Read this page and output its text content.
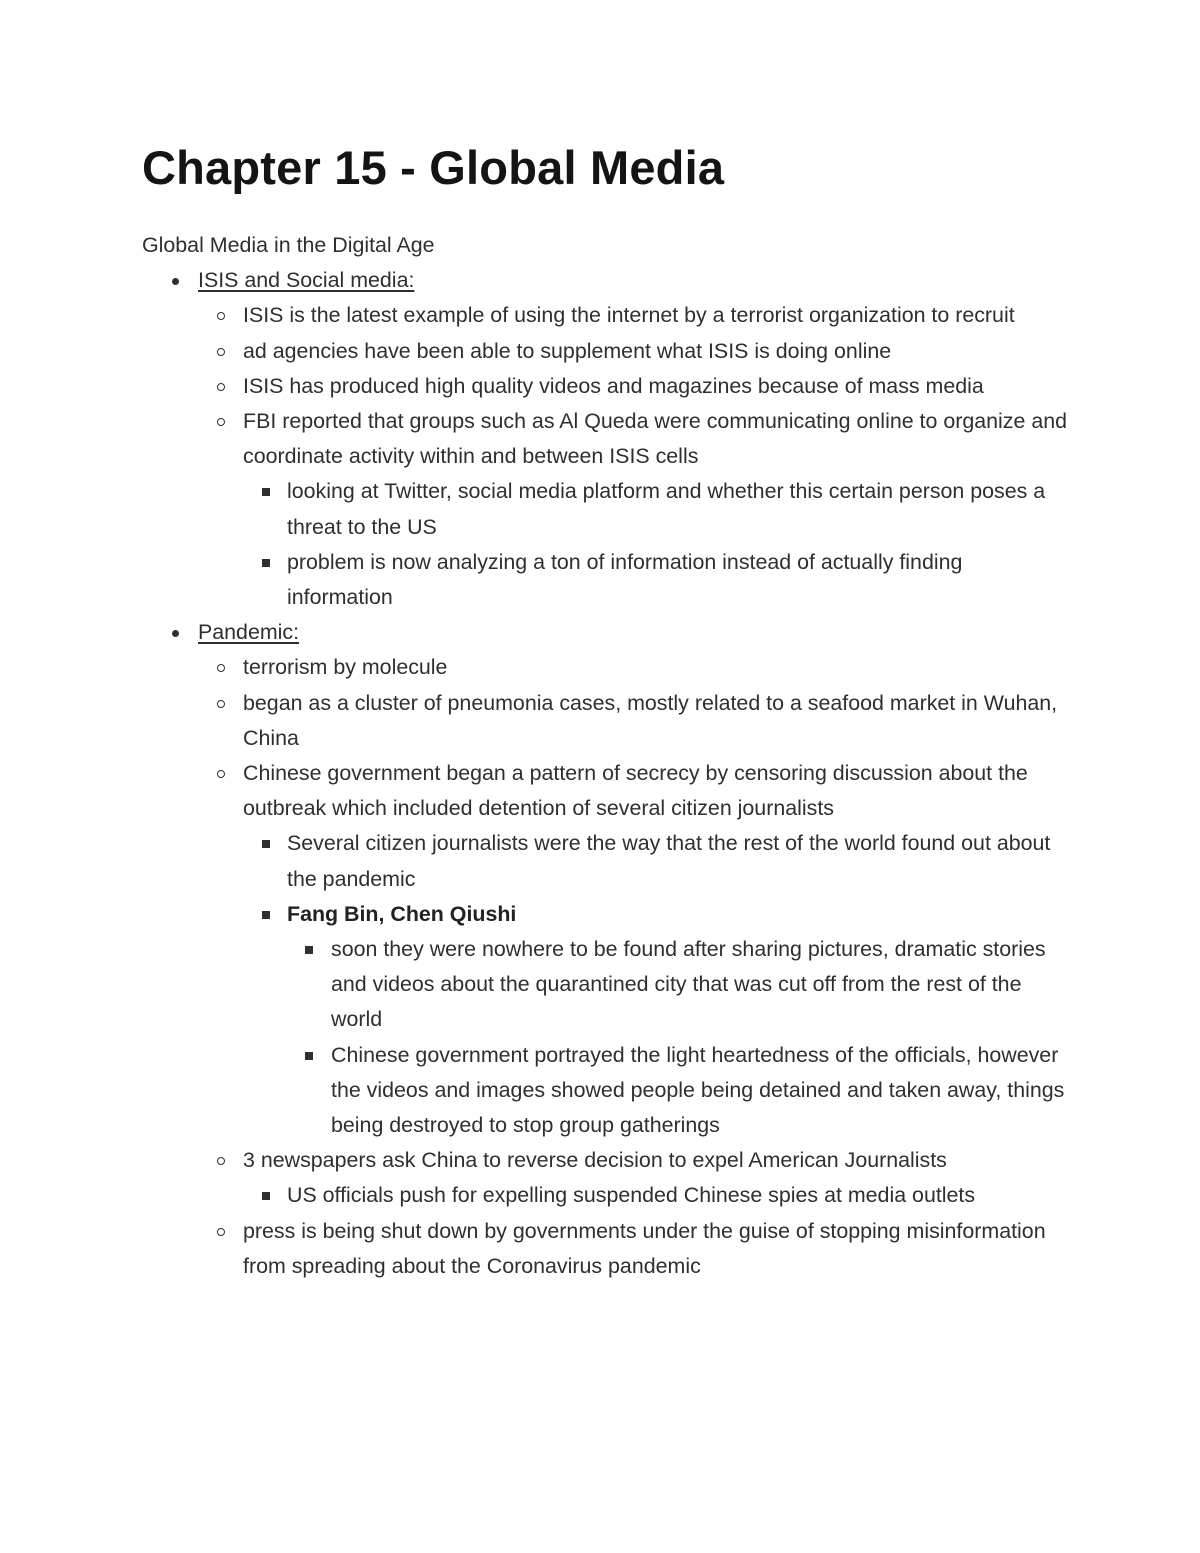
Chapter 15 - Global Media

Global Media in the Digital Age

ISIS and Social media:
ISIS is the latest example of using the internet by a terrorist organization to recruit
ad agencies have been able to supplement what ISIS is doing online
ISIS has produced high quality videos and magazines because of mass media
FBI reported that groups such as Al Queda were communicating online to organize and coordinate activity within and between ISIS cells
looking at Twitter, social media platform and whether this certain person poses a threat to the US
problem is now analyzing a ton of information instead of actually finding information
Pandemic:
terrorism by molecule
began as a cluster of pneumonia cases, mostly related to a seafood market in Wuhan, China
Chinese government began a pattern of secrecy by censoring discussion about the outbreak which included detention of several citizen journalists
Several citizen journalists were the way that the rest of the world found out about the pandemic
Fang Bin, Chen Qiushi
soon they were nowhere to be found after sharing pictures, dramatic stories and videos about the quarantined city that was cut off from the rest of the world
Chinese government portrayed the light heartedness of the officials, however the videos and images showed people being detained and taken away, things being destroyed to stop group gatherings
3 newspapers ask China to reverse decision to expel American Journalists
US officials push for expelling suspended Chinese spies at media outlets
press is being shut down by governments under the guise of stopping misinformation from spreading about the Coronavirus pandemic
